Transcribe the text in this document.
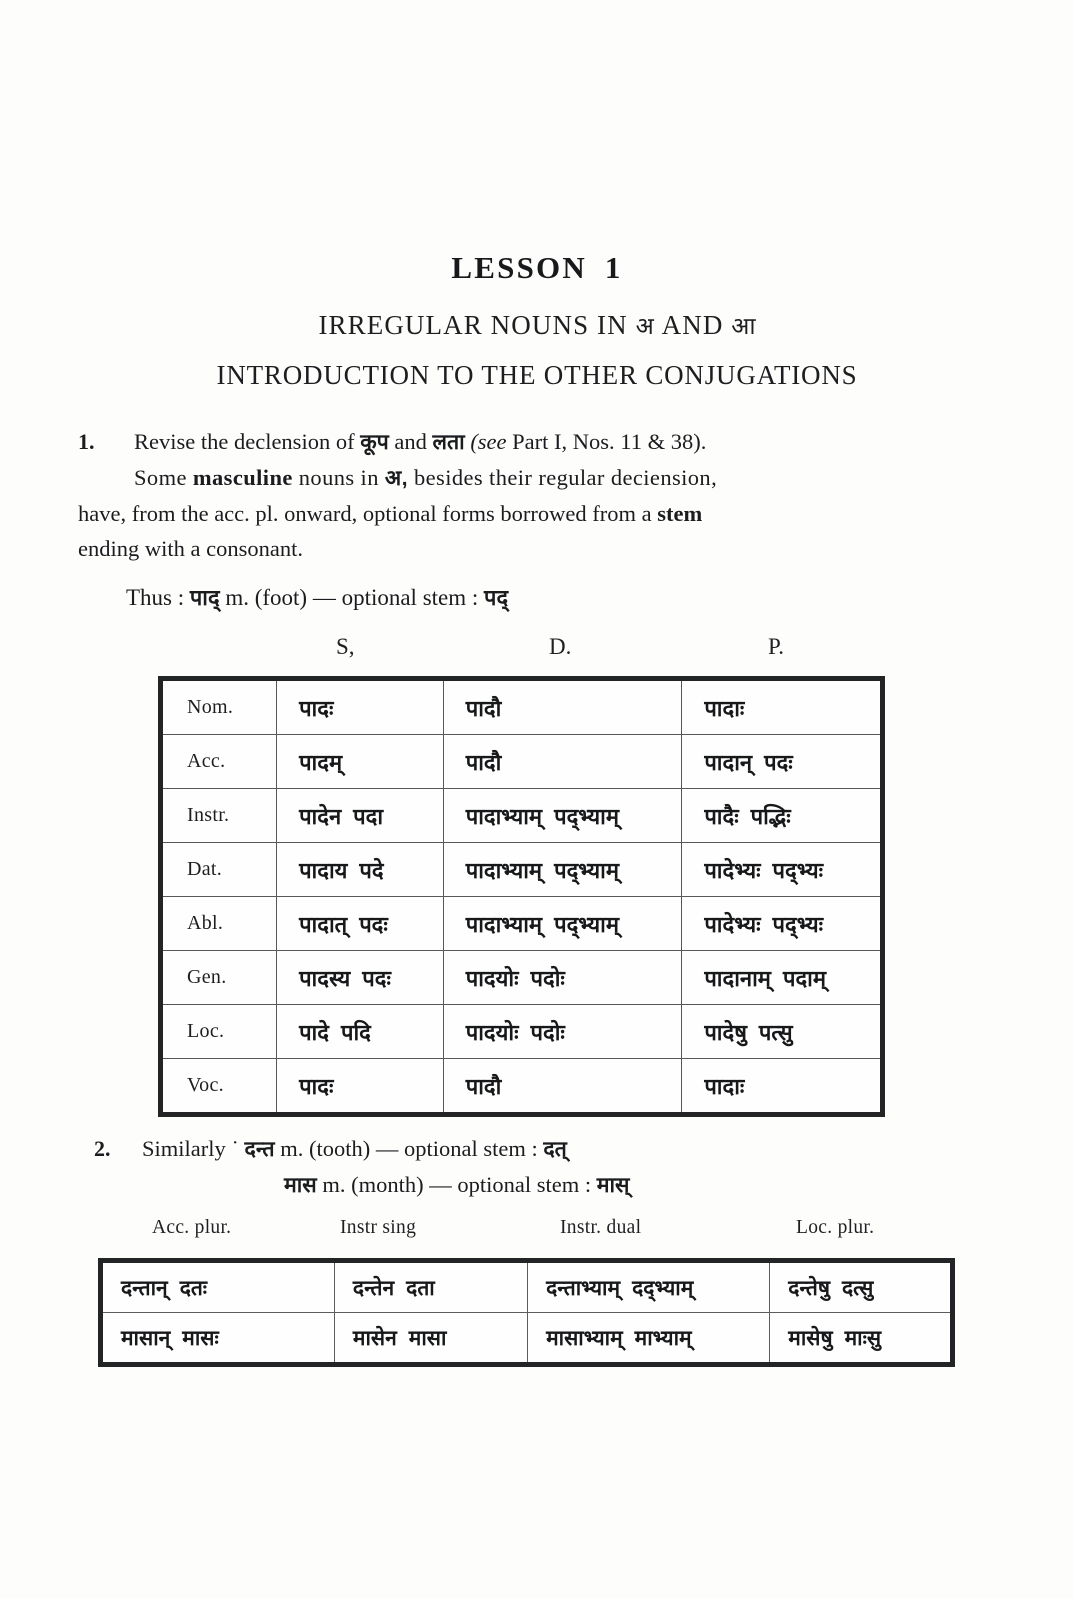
LESSON 1
IRREGULAR NOUNS IN अ AND आ
INTRODUCTION TO THE OTHER CONJUGATIONS
1.	Revise the declension of कूप and लता (see Part I, Nos. 11 & 38).
Some masculine nouns in अ, besides their regular deciension,
have, from the acc. pl. onward, optional forms borrowed from a stem
ending with a consonant.
Thus : पाद् m. (foot) — optional stem : पद्
S,	D.	P.
Nom.	पादः	पादौ	पादाः
Acc.	पादम्	पादौ	पादान् पदः
Instr.	पादेन पदा	पादाभ्याम् पद्भ्याम्	पादैः पद्भिः
Dat.	पादाय पदे	पादाभ्याम् पद्भ्याम्	पादेभ्यः पद्भ्यः
Abl.	पादात् पदः	पादाभ्याम् पद्भ्याम्	पादेभ्यः पद्भ्यः
Gen.	पादस्य पदः	पादयोः पदोः	पादानाम् पदाम्
Loc.	पादे पदि	पादयोः पदोः	पादेषु पत्सु
Voc.	पादः	पादौ	पादाः
2.	Similarly ˙ दन्त m. (tooth) — optional stem : दत्
मास m. (month) — optional stem : मास्
Acc. plur.	Instr sing	Instr. dual	Loc. plur.
दन्तान् दतः	दन्तेन दता	दन्ताभ्याम् दद्भ्याम्	दन्तेषु दत्सु
मासान् मासः	मासेन मासा	मासाभ्याम् माभ्याम्	मासेषु माःसु
